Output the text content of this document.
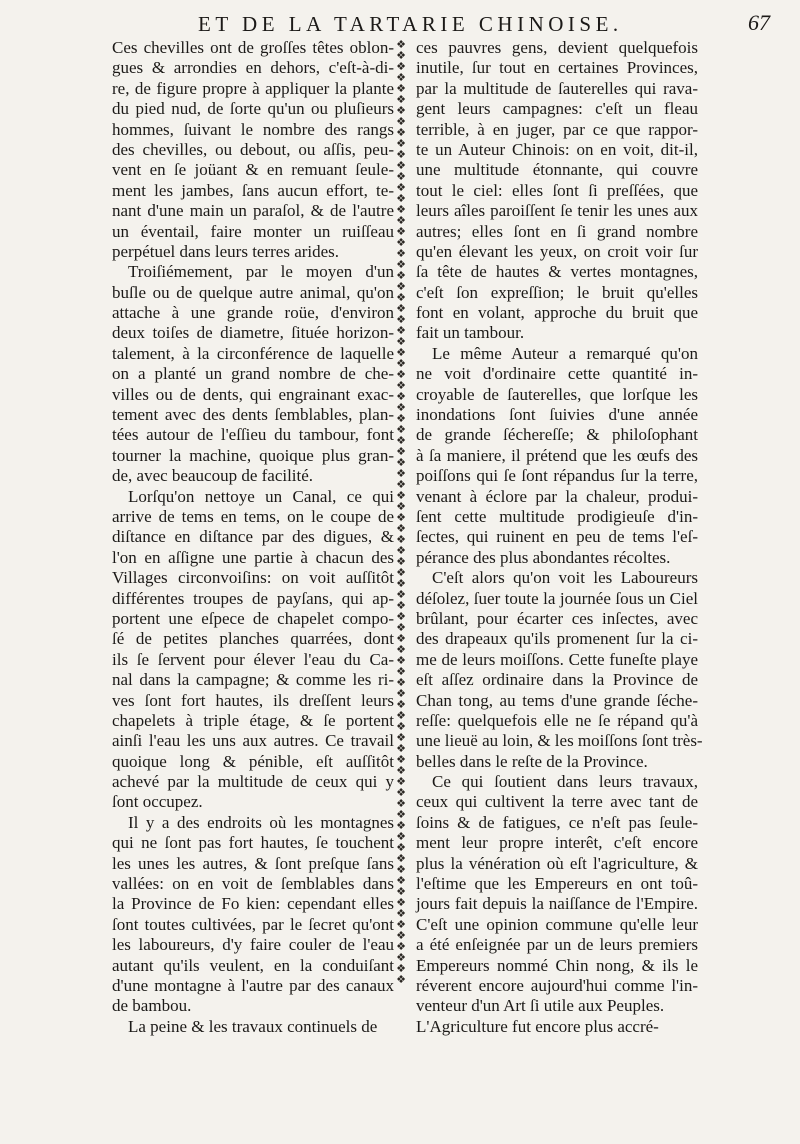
ET DE LA TARTARIE CHINOISE.	67
Ces chevilles ont de groſſes têtes oblon-
gues & arrondies en dehors, c'eſt-à-di-
re, de figure propre à appliquer la plante
du pied nud, de ſorte qu'un ou pluſieurs
hommes, ſuivant le nombre des rangs
des chevilles, ou debout, ou aſſis, peu-
vent en ſe joüant & en remuant ſeule-
ment les jambes, ſans aucun effort, te-
nant d'une main un paraſol, & de l'autre
un éventail, faire monter un ruiſſeau
perpétuel dans leurs terres arides.
Troiſiémement, par le moyen d'un
buſle ou de quelque autre animal, qu'on
attache à une grande roüe, d'environ
deux toiſes de diametre, ſituée horizon-
talement, à la circonférence de laquelle
on a planté un grand nombre de che-
villes ou de dents, qui engrainant exac-
tement avec des dents ſemblables, plan-
tées autour de l'eſſieu du tambour, font
tourner la machine, quoique plus gran-
de, avec beaucoup de facilité.
Lorſqu'on nettoye un Canal, ce qui
arrive de tems en tems, on le coupe de
diſtance en diſtance par des digues, &
l'on en aſſigne une partie à chacun des
Villages circonvoiſins: on voit auſſitôt
différentes troupes de payſans, qui ap-
portent une eſpece de chapelet compo-
ſé de petites planches quarrées, dont
ils ſe ſervent pour élever l'eau du Ca-
nal dans la campagne; & comme les ri-
ves ſont fort hautes, ils dreſſent leurs
chapelets à triple étage, & ſe portent
ainſi l'eau les uns aux autres. Ce travail
quoique long & pénible, eſt auſſitôt
achevé par la multitude de ceux qui y
ſont occupez.
Il y a des endroits où les montagnes
qui ne ſont pas fort hautes, ſe touchent
les unes les autres, & ſont preſque ſans
vallées: on en voit de ſemblables dans
la Province de Fo kien: cependant elles
ſont toutes cultivées, par le ſecret qu'ont
les laboureurs, d'y faire couler de l'eau
autant qu'ils veulent, en la conduiſant
d'une montagne à l'autre par des canaux
de bambou.
La peine & les travaux continuels de
❖
❖
❖
❖
❖
❖
❖
❖
❖
❖
❖
❖
❖
❖
❖
❖
❖
❖
❖
❖
❖
❖
❖
❖
❖
❖
❖
❖
❖
❖
❖
❖
❖
❖
❖
❖
❖
❖
❖
❖
❖
❖
❖
❖
❖
❖
❖
❖
❖
❖
❖
❖
❖
❖
❖
❖
❖
❖
❖
❖
❖
❖
❖
❖
❖
❖
❖
❖
❖
❖
❖
❖
❖
❖
❖
❖
❖
❖
❖
❖
❖
❖
❖
❖
❖
❖
ces pauvres gens, devient quelquefois
inutile, ſur tout en certaines Provinces,
par la multitude de ſauterelles qui rava-
gent leurs campagnes: c'eſt un fleau
terrible, à en juger, par ce que rappor-
te un Auteur Chinois: on en voit, dit-il,
une multitude étonnante, qui couvre
tout le ciel: elles ſont ſi preſſées, que
leurs aîles paroiſſent ſe tenir les unes aux
autres; elles ſont en ſi grand nombre
qu'en élevant les yeux, on croit voir ſur
ſa tête de hautes & vertes montagnes,
c'eſt ſon expreſſion; le bruit qu'elles
font en volant, approche du bruit que
fait un tambour.
Le même Auteur a remarqué qu'on
ne voit d'ordinaire cette quantité in-
croyable de ſauterelles, que lorſque les
inondations ſont ſuivies d'une année
de grande ſéchereſſe; & philoſophant
à ſa maniere, il prétend que les œufs des
poiſſons qui ſe ſont répandus ſur la terre,
venant à éclore par la chaleur, produi-
ſent cette multitude prodigieuſe d'in-
ſectes, qui ruinent en peu de tems l'eſ-
pérance des plus abondantes récoltes.
C'eſt alors qu'on voit les Laboureurs
déſolez, ſuer toute la journée ſous un Ciel
brûlant, pour écarter ces inſectes, avec
des drapeaux qu'ils promenent ſur la ci-
me de leurs moiſſons. Cette funeſte playe
eſt aſſez ordinaire dans la Province de
Chan tong, au tems d'une grande ſéche-
reſſe: quelquefois elle ne ſe répand qu'à
une lieuë au loin, & les moiſſons ſont très-
belles dans le reſte de la Province.
Ce qui ſoutient dans leurs travaux,
ceux qui cultivent la terre avec tant de
ſoins & de fatigues, ce n'eſt pas ſeule-
ment leur propre interêt, c'eſt encore
plus la vénération où eſt l'agriculture, &
l'eſtime que les Empereurs en ont toû-
jours fait depuis la naiſſance de l'Empire.
C'eſt une opinion commune qu'elle leur
a été enſeignée par un de leurs premiers
Empereurs nommé Chin nong, & ils le
réverent encore aujourd'hui comme l'in-
venteur d'un Art ſi utile aux Peuples.
L'Agriculture fut encore plus accré-
